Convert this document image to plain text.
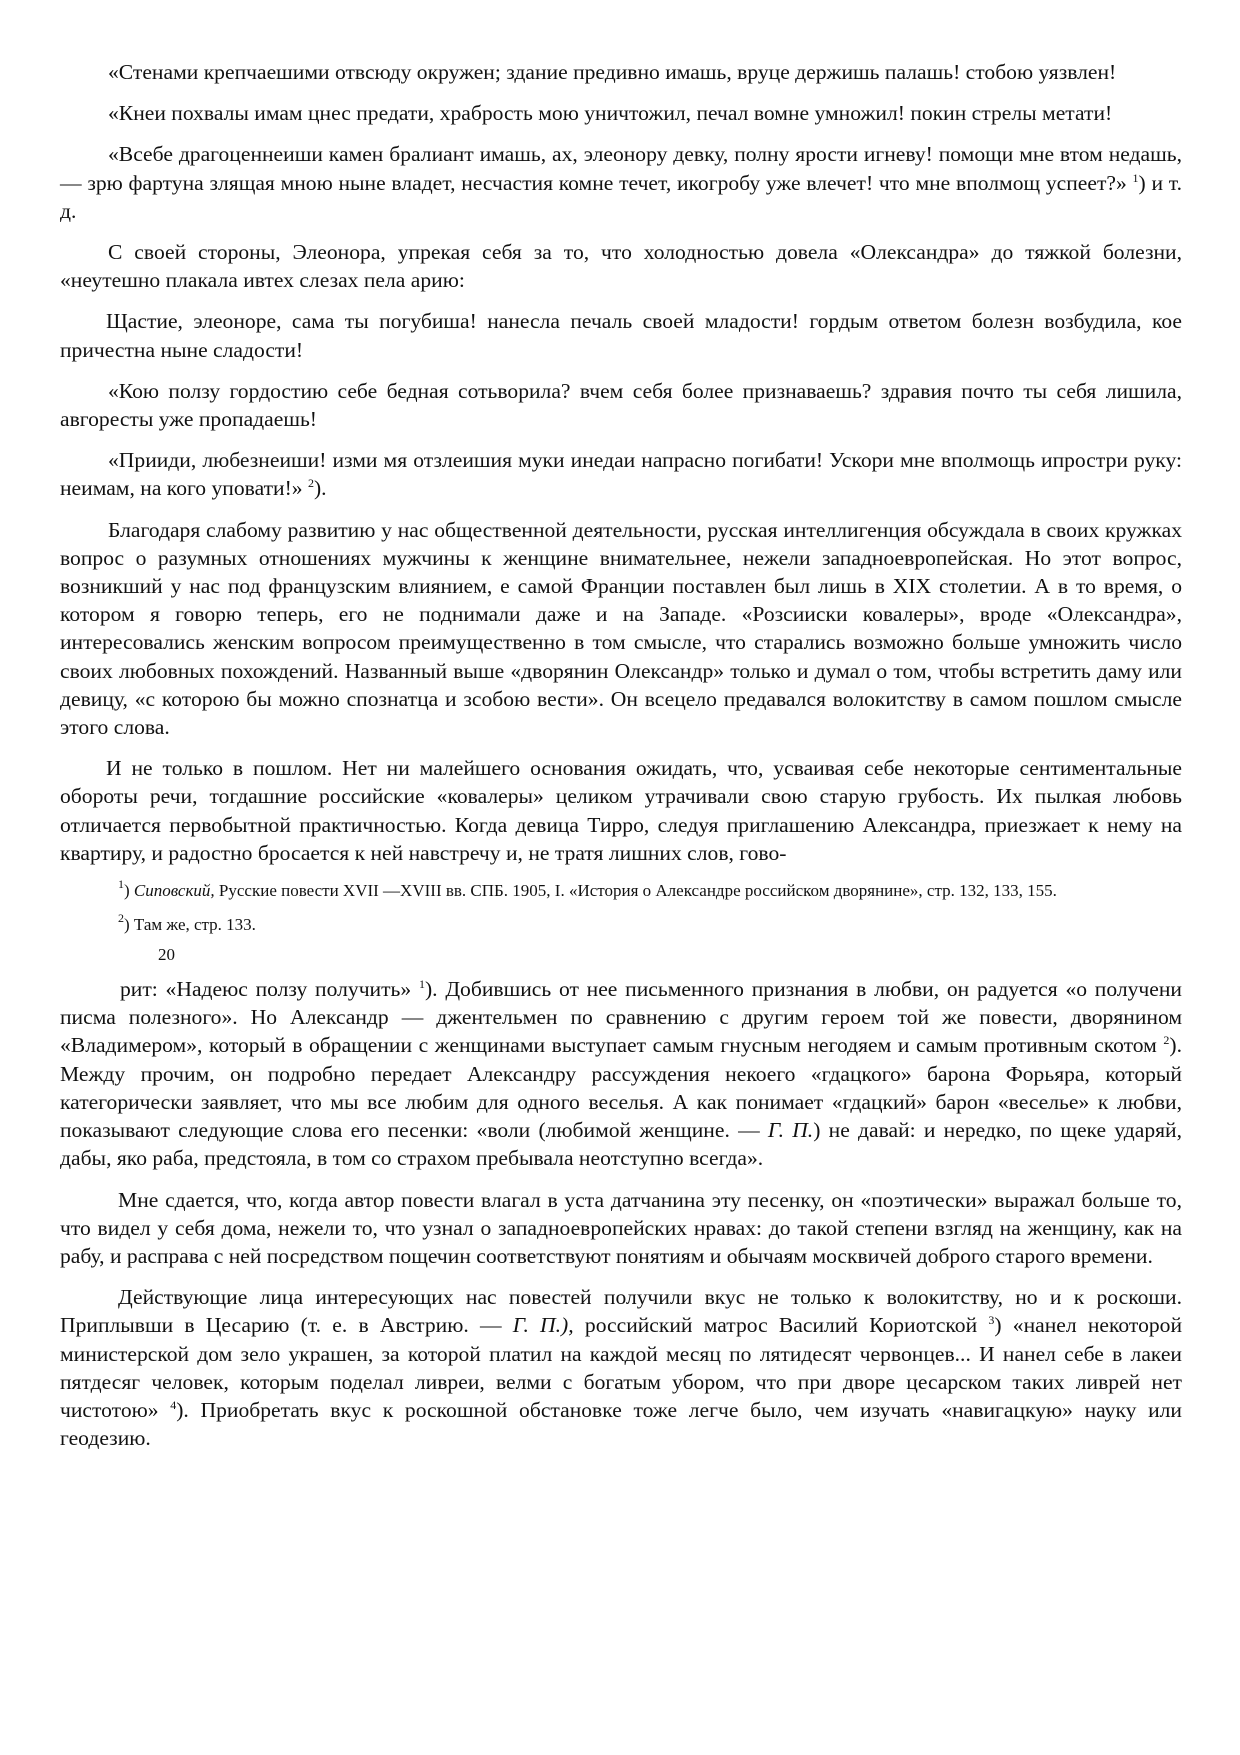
«Стенами крепчаешими отвсюду окружен; здание предивно имашь, вруце держишь палашь! стобою уязвлен!

«Кнеи похвалы имам цнес предати, храбрость мою уничтожил, печал вомне умножил! покин стрелы метати!

«Всебе драгоценнеиши камен бралиант имашь, ах, элеонору девку, полну ярости игневу! помощи мне втом недашь, — зрю фартуна злящая мною ныне владет, несчастия комне течет, икогробу уже влечет! что мне вполмощ успеет?» $^1$) и т. д.

С своей стороны, Элеонора, упрекая себя за то, что холодностью довела «Олександра» до тяжкой болезни, «неутешно плакала ивтех слезах пела арию:

Щастие, элеоноре, сама ты погубиша! нанесла печаль своей младости! гордым ответом болезн возбудила, кое причестна ныне сладости!

«Кою ползу гордостию себе бедная сотьворила? вчем себя более признаваешь? здравия почто ты себя лишила, авгоресты уже пропадаешь!

«Прииди, любезнеиши! изми мя отзлеишия муки инедаи напрасно погибати! Ускори мне вполмощь ипростри руку: неимам, на кого уповати!» $^2$).

Благодаря слабому развитию у нас общественной деятельности, русская интеллигенция обсуждала в своих кружках вопрос о разумных отношениях мужчины к женщине внимательнее, нежели западноевропейская. Но этот вопрос, возникший у нас под французским влиянием, е самой Франции поставлен был лишь в XIX столетии. А в то время, о котором я говорю теперь, его не поднимали даже и на Западе. «Розсииски ковалеры», вроде «Олександра», интересовались женским вопросом преимущественно в том смысле, что старались возможно больше умножить число своих любовных похождений. Названный выше «дворянин Олександр» только и думал о том, чтобы встретить даму или девицу, «с которою бы можно спознатца и зсобою вести». Он всецело предавался волокитству в самом пошлом смысле этого слова.

И не только в пошлом. Нет ни малейшего основания ожидать, что, усваивая себе некоторые сентиментальные обороты речи, тогдашние российские «ковалеры» целиком утрачивали свою старую грубость. Их пылкая любовь отличается первобытной практичностью. Когда девица Тирро, следуя приглашению Александра, приезжает к нему на квартиру, и радостно бросается к ней навстречу и, не тратя лишних слов, гово-

$^1$) Сиповский, Русские повести XVII —XVIII вв. СПБ. 1905, I. «История о Александре российском дворянине», стр. 132, 133, 155.

$^2$) Там же, стр. 133.

20

рит: «Надеюс ползу получить» $^1$). Добившись от нее письменного признания в любви, он радуется «о получени писма полезного». Но Александр — джентельмен по сравнению с другим героем той же повести, дворянином «Владимером», который в обращении с женщинами выступает самым гнусным негодяем и самым противным скотом $^2$). Между прочим, он подробно передает Александру рассуждения некоего «гдацкого» барона Форьяра, который категорически заявляет, что мы все любим для одного веселья. А как понимает «гдацкий» барон «веселье» к любви, показывают следующие слова его песенки: «воли (любимой женщине. — Г. П.) не давай: и нередко, по щеке ударяй, дабы, яко раба, предстояла, в том со страхом пребывала неотступно всегда».

Мне сдается, что, когда автор повести влагал в уста датчанина эту песенку, он «поэтически» выражал больше то, что видел у себя дома, нежели то, что узнал о западноевропейских нравах: до такой степени взгляд на женщину, как на рабу, и расправа с ней посредством пощечин соответствуют понятиям и обычаям москвичей доброго старого времени.

Действующие лица интересующих нас повестей получили вкус не только к волокитству, но и к роскоши. Приплывши в Цесарию (т. е. в Австрию. — Г. П.), российский матрос Василий Кориотской $^3$) «нанел некоторой министерской дом зело украшен, за которой платил на каждой месяц по лятидесят червонцев... И нанел себе в лакеи пятдесяг человек, которым поделал ливреи, велми с богатым убором, что при дворе цесарском таких ливрей нет чистотою» $^4$). Приобретать вкус к роскошной обстановке тоже легче было, чем изучать «навигацкую» науку или геодезию.
